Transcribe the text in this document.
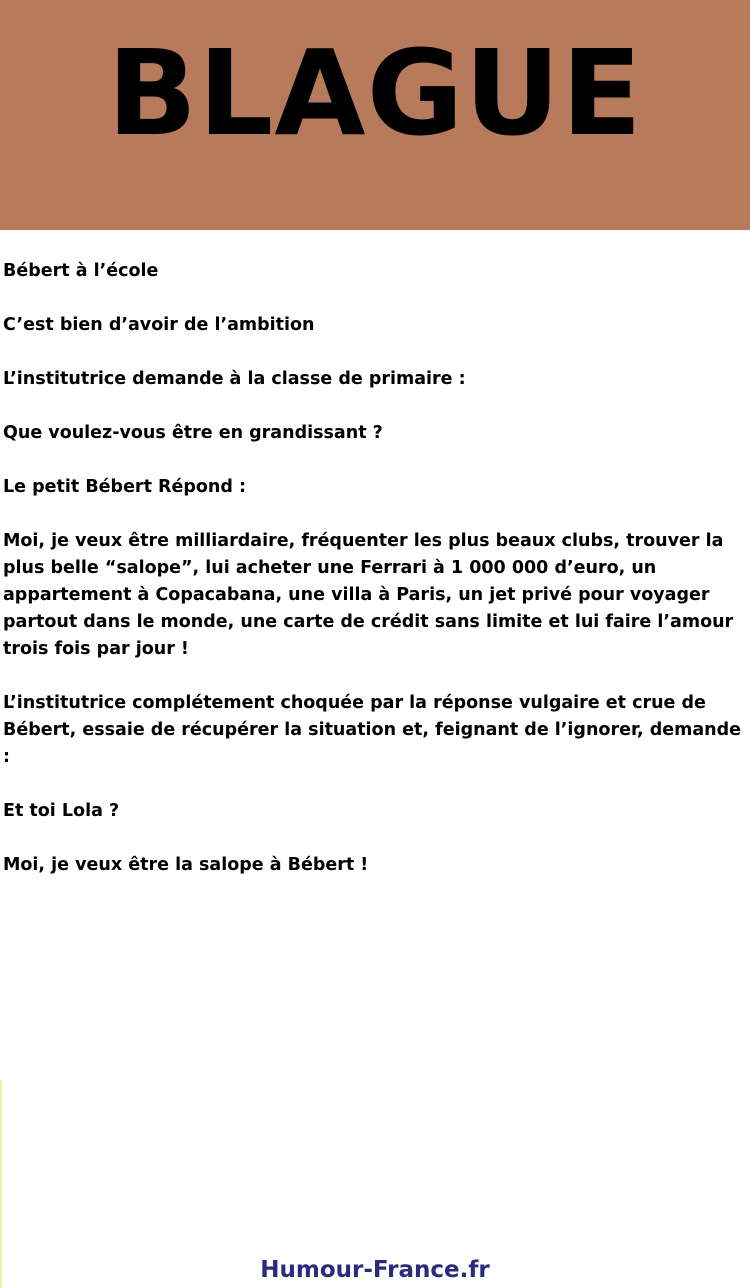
BLAGUE

Bébert à l’école

C’est bien d’avoir de l’ambition

L’institutrice demande à la classe de primaire :

Que voulez-vous être en grandissant ?

Le petit Bébert Répond :

Moi, je veux être milliardaire, fréquenter les plus beaux clubs, trouver la plus belle “salope”, lui acheter une Ferrari à 1 000 000 d’euro, un appartement à Copacabana, une villa à Paris, un jet privé pour voyager partout dans le monde, une carte de crédit sans limite et lui faire l’amour trois fois par jour !

L’institutrice complétement choquée par la réponse vulgaire et crue de Bébert, essaie de récupérer la situation et, feignant de l’ignorer, demande :

Et toi Lola ?

Moi, je veux être la salope à Bébert !

Humour-France.fr
